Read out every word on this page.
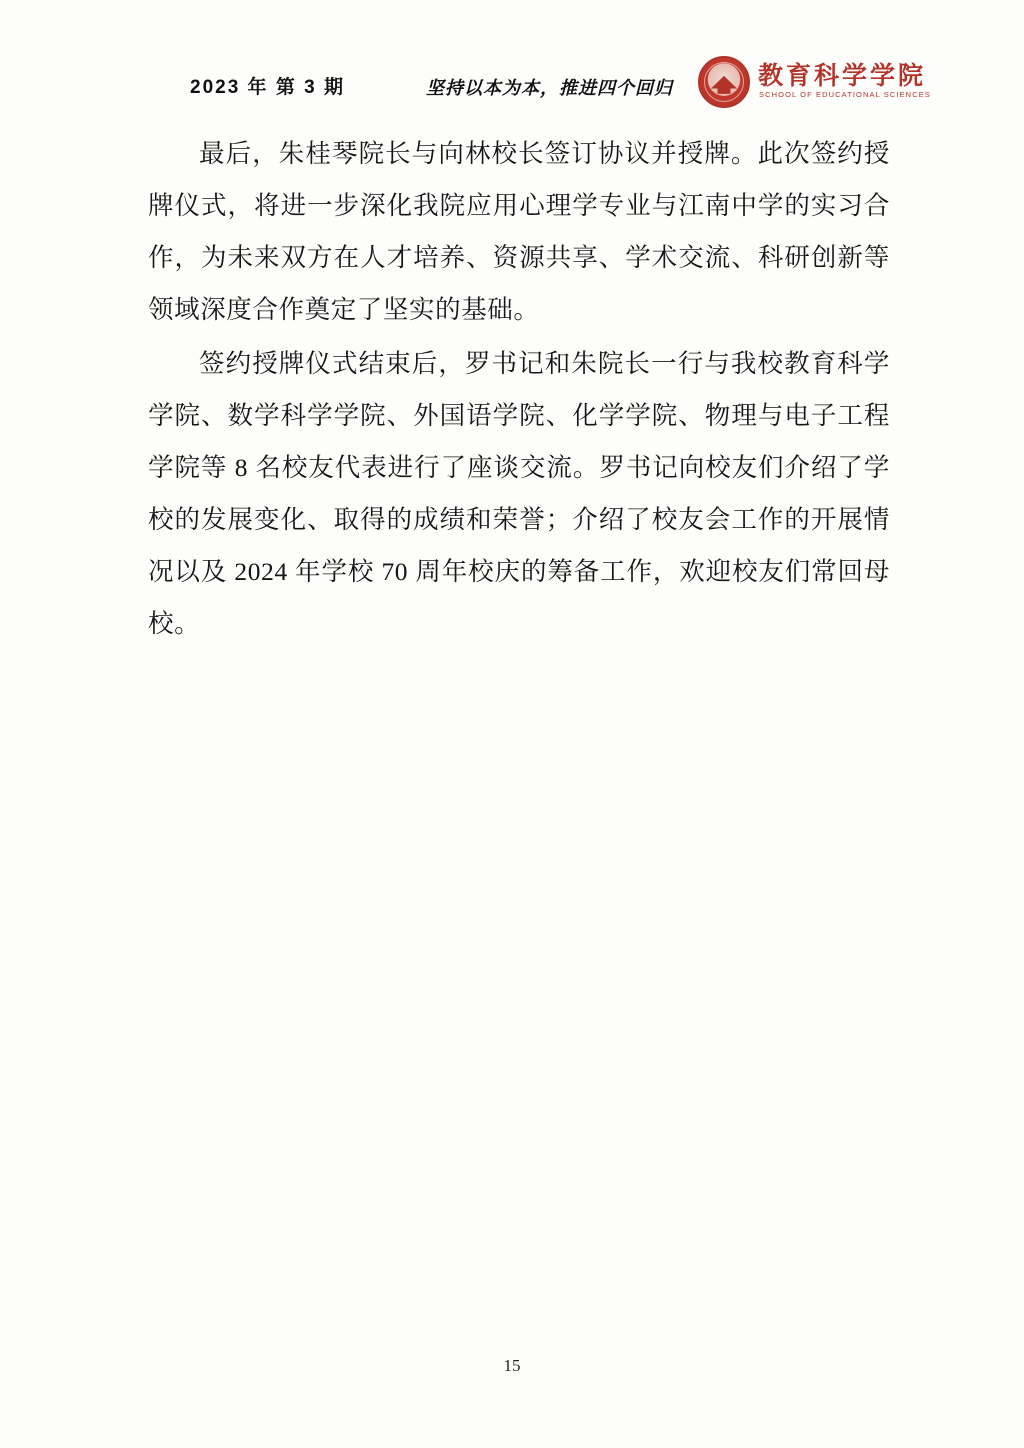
2023 年 第 3 期	坚持以本为本，推进四个回归	教育科学学院
SCHOOL OF EDUCATIONAL SCIENCES

最后，朱桂琴院长与向林校长签订协议并授牌。此次签约授牌仪式，将进一步深化我院应用心理学专业与江南中学的实习合作，为未来双方在人才培养、资源共享、学术交流、科研创新等领域深度合作奠定了坚实的基础。

签约授牌仪式结束后，罗书记和朱院长一行与我校教育科学学院、数学科学学院、外国语学院、化学学院、物理与电子工程学院等 8 名校友代表进行了座谈交流。罗书记向校友们介绍了学校的发展变化、取得的成绩和荣誉；介绍了校友会工作的开展情况以及 2024 年学校 70 周年校庆的筹备工作，欢迎校友们常回母校。

15
